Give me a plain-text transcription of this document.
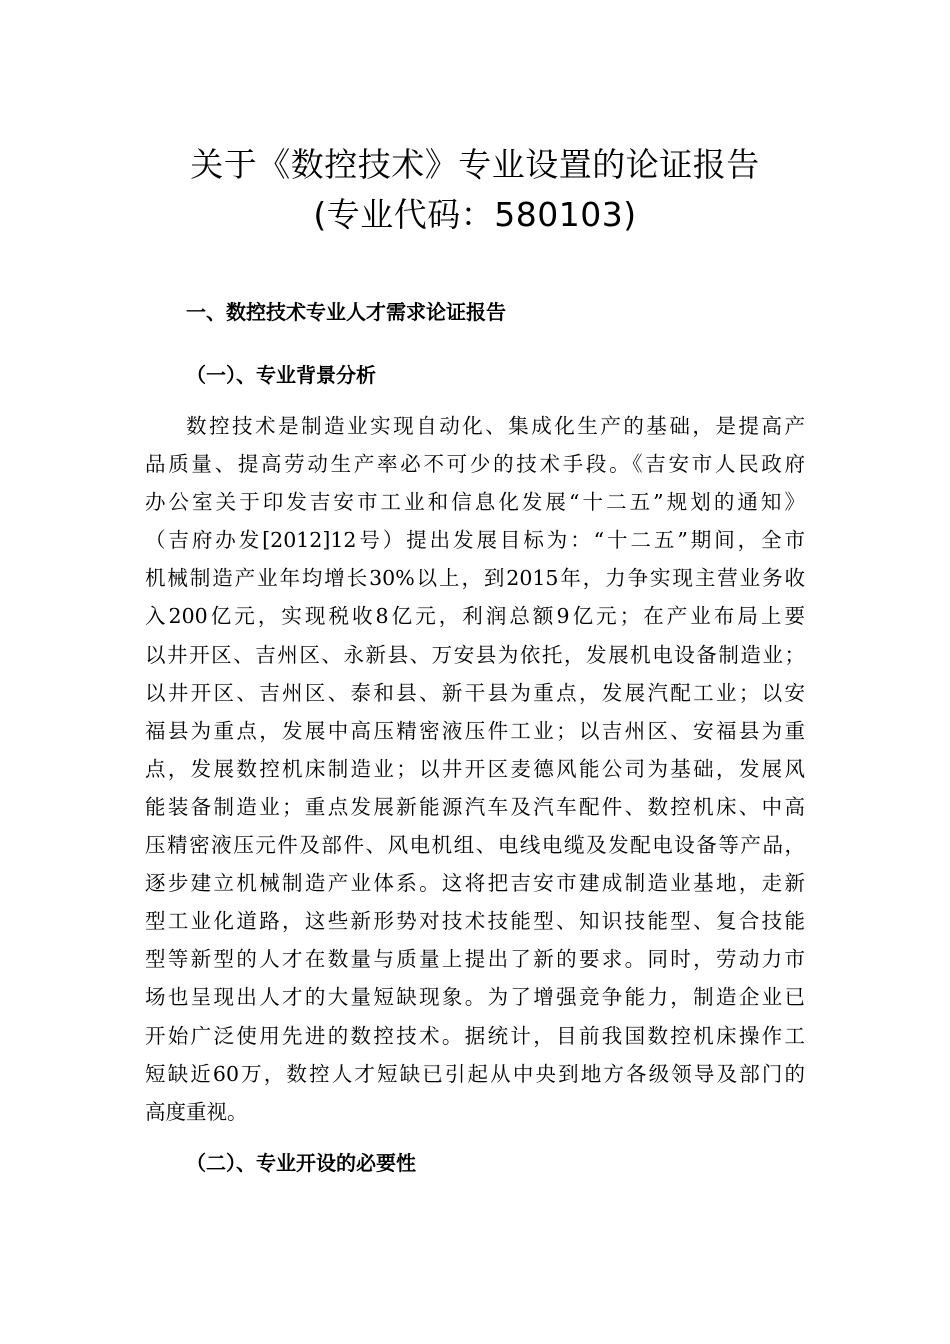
关于《数控技术》专业设置的论证报告
(专业代码：580103)
一、数控技术专业人才需求论证报告
（一）、专业背景分析
数控技术是制造业实现自动化、集成化生产的基础，是提高产
品质量、提高劳动生产率必不可少的技术手段。《吉安市人民政府
办公室关于印发吉安市工业和信息化发展“十二五”规划的通知》
（吉府办发[2012]12号）提出发展目标为：“十二五”期间，全市
机械制造产业年均增长30%以上，到2015年，力争实现主营业务收
入200亿元，实现税收8亿元，利润总额9亿元；在产业布局上要
以井开区、吉州区、永新县、万安县为依托，发展机电设备制造业；
以井开区、吉州区、泰和县、新干县为重点，发展汽配工业；以安
福县为重点，发展中高压精密液压件工业；以吉州区、安福县为重
点，发展数控机床制造业；以井开区麦德风能公司为基础，发展风
能装备制造业；重点发展新能源汽车及汽车配件、数控机床、中高
压精密液压元件及部件、风电机组、电线电缆及发配电设备等产品，
逐步建立机械制造产业体系。这将把吉安市建成制造业基地，走新
型工业化道路，这些新形势对技术技能型、知识技能型、复合技能
型等新型的人才在数量与质量上提出了新的要求。同时，劳动力市
场也呈现出人才的大量短缺现象。为了增强竞争能力，制造企业已
开始广泛使用先进的数控技术。据统计，目前我国数控机床操作工
短缺近60万，数控人才短缺已引起从中央到地方各级领导及部门的
高度重视。
（二）、专业开设的必要性
